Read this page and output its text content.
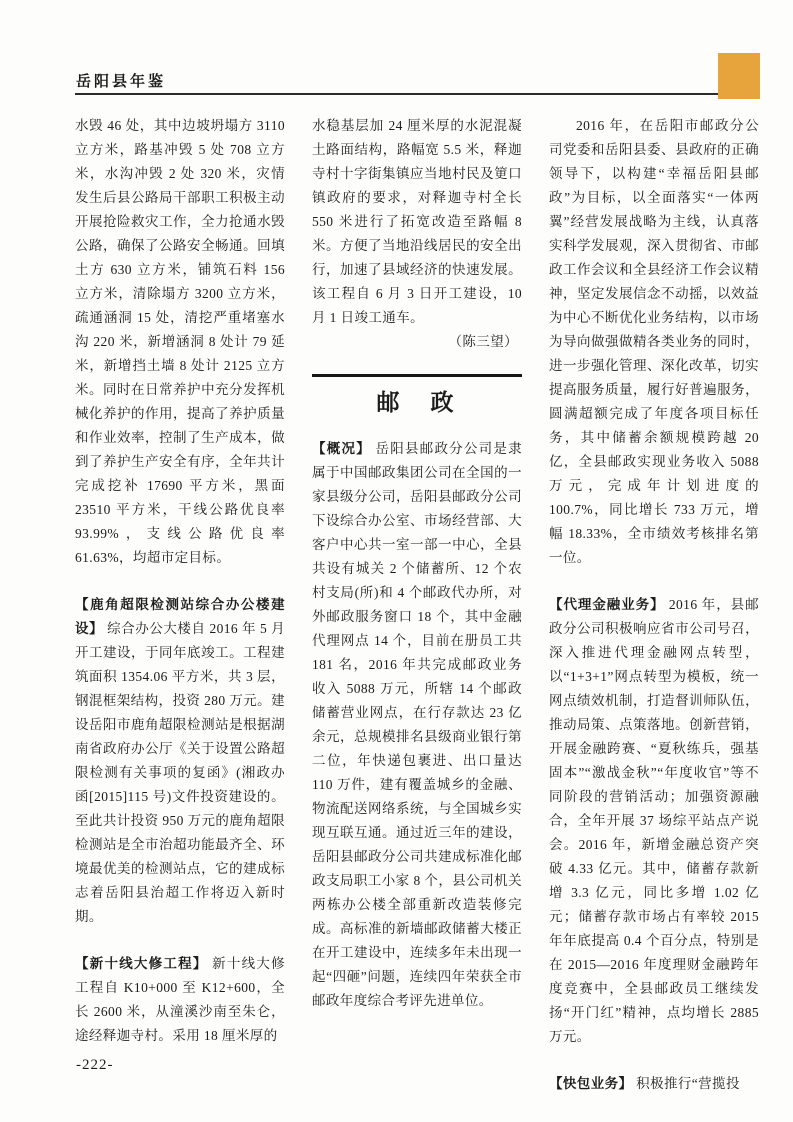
岳阳县年鉴
水毁 46 处，其中边坡坍塌方 3110 立方米，路基冲毁 5 处 708 立方米，水沟冲毁 2 处 320 米，灾情发生后县公路局干部职工积极主动开展抢险救灾工作，全力抢通水毁公路，确保了公路安全畅通。回填土方 630 立方米，铺筑石料 156 立方米，清除塌方 3200 立方米，疏通涵洞 15 处，清挖严重堵塞水沟 220 米，新增涵洞 8 处计 79 延米，新增挡土墙 8 处计 2125 立方米。同时在日常养护中充分发挥机械化养护的作用，提高了养护质量和作业效率，控制了生产成本，做到了养护生产安全有序，全年共计完成挖补 17690 平方米，黑面 23510 平方米，干线公路优良率 93.99%，支线公路优良率 61.63%，均超市定目标。
【鹿角超限检测站综合办公楼建设】 综合办公大楼自 2016 年 5 月开工建设，于同年底竣工。工程建筑面积 1354.06 平方米，共 3 层，钢混框架结构，投资 280 万元。建设岳阳市鹿角超限检测站是根据湖南省政府办公厅《关于设置公路超限检测有关事项的复函》(湘政办函[2015]115 号)文件投资建设的。至此共计投资 950 万元的鹿角超限检测站是全市治超功能最齐全、环境最优美的检测站点，它的建成标志着岳阳县治超工作将迈入新时期。
【新十线大修工程】 新十线大修工程自 K10+000 至 K12+600，全长 2600 米，从潼溪沙南至朱仑，途经释迦寺村。采用 18 厘米厚的
水稳基层加 24 厘米厚的水泥混凝土路面结构，路幅宽 5.5 米，释迦寺村十字街集镇应当地村民及筻口镇政府的要求，对释迦寺村全长 550 米进行了拓宽改造至路幅 8 米。方便了当地沿线居民的安全出行，加速了县域经济的快速发展。该工程自 6 月 3 日开工建设，10 月 1 日竣工通车。
（陈三望）
邮　政
【概况】 岳阳县邮政分公司是隶属于中国邮政集团公司在全国的一家县级分公司，岳阳县邮政分公司下设综合办公室、市场经营部、大客户中心共一室一部一中心，全县共设有城关 2 个储蓄所、12 个农村支局(所)和 4 个邮政代办所，对外邮政服务窗口 18 个，其中金融代理网点 14 个，目前在册员工共 181 名，2016 年共完成邮政业务收入 5088 万元，所辖 14 个邮政储蓄营业网点，在行存款达 23 亿余元，总规模排名县级商业银行第二位，年快递包裹进、出口量达 110 万件，建有覆盖城乡的金融、物流配送网络系统，与全国城乡实现互联互通。通过近三年的建设，岳阳县邮政分公司共建成标准化邮政支局职工小家 8 个，县公司机关两栋办公楼全部重新改造装修完成。高标准的新墙邮政储蓄大楼正在开工建设中，连续多年未出现一起“四砸”问题，连续四年荣获全市邮政年度综合考评先进单位。
2016 年，在岳阳市邮政分公司党委和岳阳县委、县政府的正确领导下，以构建“幸福岳阳县邮政”为目标，以全面落实“一体两翼”经营发展战略为主线，认真落实科学发展观，深入贯彻省、市邮政工作会议和全县经济工作会议精神，坚定发展信念不动摇，以效益为中心不断优化业务结构，以市场为导向做强做精各类业务的同时，进一步强化管理、深化改革，切实提高服务质量，履行好普遍服务，圆满超额完成了年度各项目标任务，其中储蓄余额规模跨越 20 亿，全县邮政实现业务收入 5088 万元，完成年计划进度的 100.7%，同比增长 733 万元，增幅 18.33%，全市绩效考核排名第一位。
【代理金融业务】 2016 年，县邮政分公司积极响应省市公司号召，深入推进代理金融网点转型，以“1+3+1”网点转型为模板，统一网点绩效机制，打造督训师队伍，推动局策、点策落地。创新营销，开展金融跨赛、“夏秋练兵，强基固本”“激战金秋”“年度收官”等不同阶段的营销活动；加强资源融合，全年开展 37 场综平站点产说会。2016 年，新增金融总资产突破 4.33 亿元。其中，储蓄存款新增 3.3 亿元，同比多增 1.02 亿元；储蓄存款市场占有率较 2015 年年底提高 0.4 个百分点，特别是在 2015—2016 年度理财金融跨年度竞赛中，全县邮政员工继续发扬“开门红”精神，点均增长 2885 万元。
【快包业务】 积极推行“营揽投
-222-
